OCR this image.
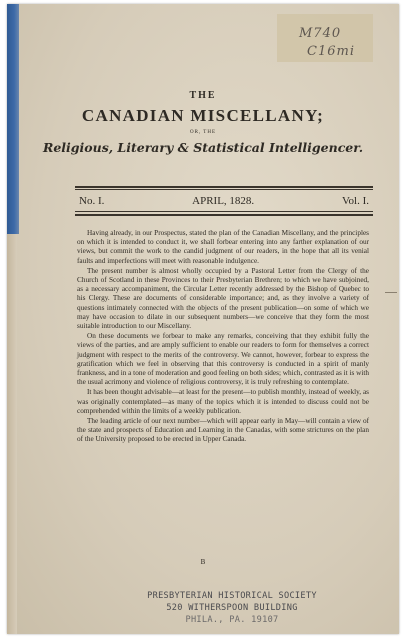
M740
C16mi
THE
CANADIAN MISCELLANY;
OR, THE
Religious, Literary & Statistical Intelligencer.
No. I.	APRIL, 1828.	Vol. I.

Having already, in our Prospectus, stated the plan of the Canadian Miscellany, and the principles on which it is intended to conduct it, we shall forbear entering into any farther explanation of our views, but commit the work to the candid judgment of our readers, in the hope that all its venial faults and imperfections will meet with reasonable indulgence.

The present number is almost wholly occupied by a Pastoral Letter from the Clergy of the Church of Scotland in these Provinces to their Presbyterian Brethren; to which we have subjoined, as a necessary accompaniment, the Circular Letter recently addressed by the Bishop of Quebec to his Clergy. These are documents of considerable importance; and, as they involve a variety of questions intimately connected with the objects of the present publication—on some of which we may have occasion to dilate in our subsequent numbers—we conceive that they form the most suitable introduction to our Miscellany.

On these documents we forbear to make any remarks, conceiving that they exhibit fully the views of the parties, and are amply sufficient to enable our readers to form for themselves a correct judgment with respect to the merits of the controversy. We cannot, however, forbear to express the gratification which we feel in observing that this controversy is conducted in a spirit of manly frankness, and in a tone of moderation and good feeling on both sides; which, contrasted as it is with the usual acrimony and violence of religious controversy, it is truly refreshing to contemplate.

It has been thought advisable—at least for the present—to publish monthly, instead of weekly, as was originally contemplated—as many of the topics which it is intended to discuss could not be comprehended within the limits of a weekly publication.

The leading article of our next number—which will appear early in May—will contain a view of the state and prospects of Education and Learning in the Canadas, with some strictures on the plan of the University proposed to be erected in Upper Canada.

B
PRESBYTERIAN HISTORICAL SOCIETY
520 WITHERSPOON BUILDING
PHILA., PA. 19107
